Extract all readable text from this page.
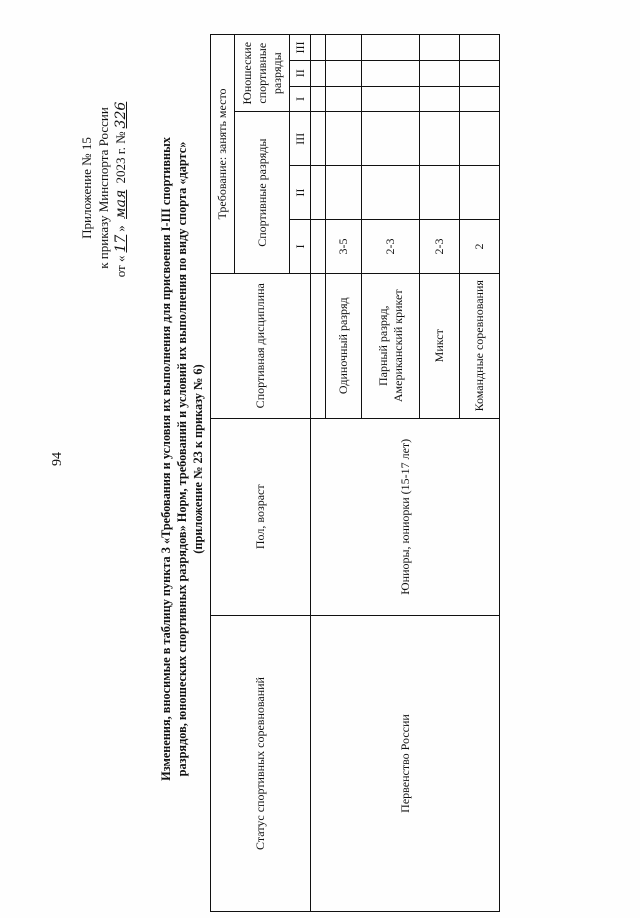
94
Приложение № 15 к приказу Минспорта России от «17» мая 2023 г. №326
Изменения, вносимые в таблицу пункта 3 «Требования и условия их выполнения для присвоения I-III спортивных разрядов, юношеских спортивных разрядов» Норм, требований и условий их выполнения по виду спорта «дартс» (приложение № 23 к приказу № 6)
Статус спортивных соревнований	Пол, возраст	Спортивная дисциплина	Требование: занять место					
			Спортивные разряды			Юношеские спортивные разряды		
			I	II	III	I	II	III
Первенство России	Юниоры, юниорки (15-17 лет)							
		Одиночный разряд	3-5					
		Парный разряд, Американский крикет	2-3					
		Микст	2-3					
		Командные соревнования	2					
